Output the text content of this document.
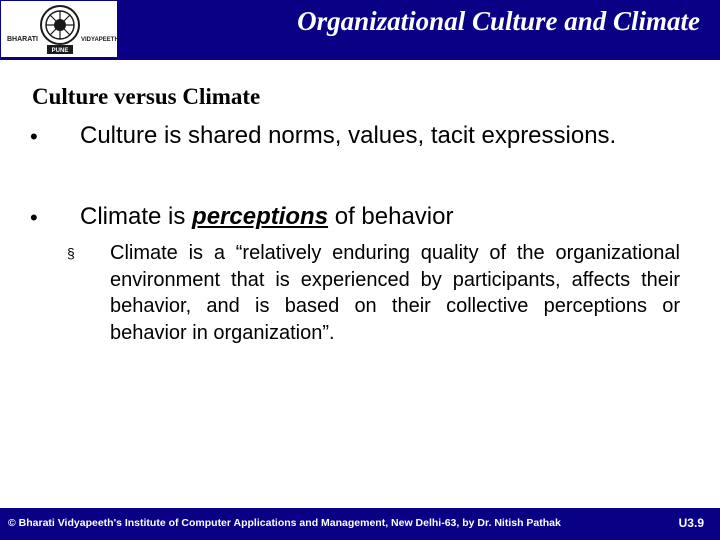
BHARATI	VIDYAPEETH
PUNE
Organizational Culture and Climate
Culture versus Climate
• Culture is shared norms, values, tacit expressions.
• Climate is perceptions of behavior
§ Climate is a “relatively enduring quality of the organizational environment that is experienced by participants, affects their behavior, and is based on their collective perceptions or behavior in organization”.
© Bharati Vidyapeeth's Institute of Computer Applications and Management, New Delhi-63, by Dr. Nitish Pathak	U3.9
